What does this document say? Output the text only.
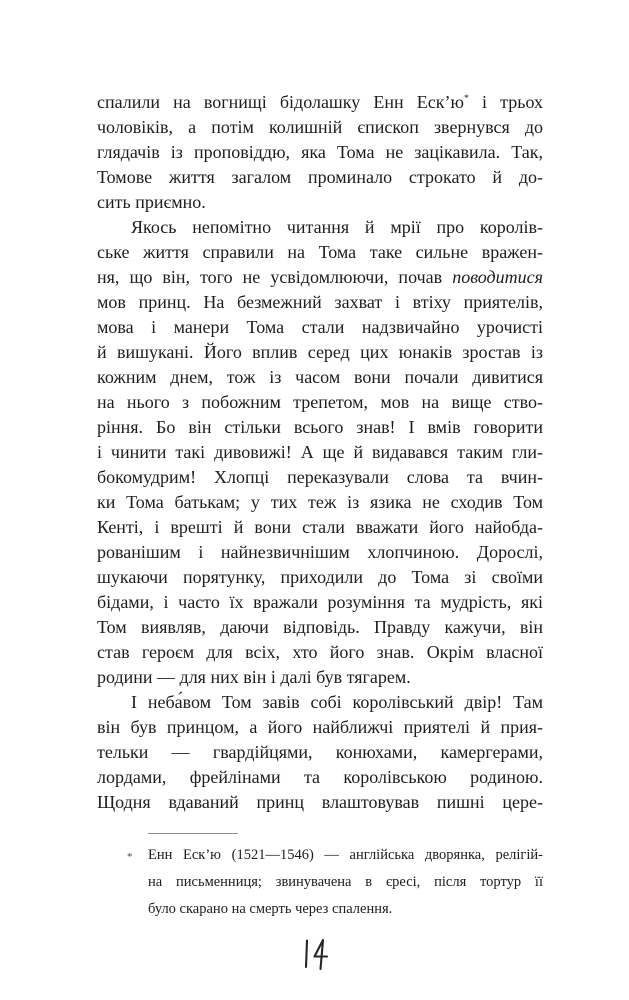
спалили на вогнищі бідолашку Енн Еск’ю* і трьох
чоловіків, а потім колишній єпископ звернувся до
глядачів із проповіддю, яка Тома не зацікавила. Так,
Томове життя загалом проминало строкато й до-
сить приємно.
Якось непомітно читання й мрії про королів-
ське життя справили на Тома таке сильне вражен-
ня, що він, того не усвідомлюючи, почав поводитися
мов принц. На безмежний захват і втіху приятелів,
мова і манери Тома стали надзвичайно урочисті
й вишукані. Його вплив серед цих юнаків зростав із
кожним днем, тож із часом вони почали дивитися
на нього з побожним трепетом, мов на вище ство-
ріння. Бо він стільки всього знав! І вмів говорити
і чинити такі дивовижі! А ще й видавався таким гли-
бокомудрим! Хлопці переказували слова та вчин-
ки Тома батькам; у тих теж із язика не сходив Том
Кенті, і врешті й вони стали вважати його найобда-
рованішим і найнезвичнішим хлопчиною. Дорослі,
шукаючи порятунку, приходили до Тома зі своїми
бідами, і часто їх вражали розуміння та мудрість, які
Том виявляв, даючи відповідь. Правду кажучи, він
став героєм для всіх, хто його знав. Окрім власної
родини — для них він і далі був тягарем.
І неба́вом Том завів собі королівський двір! Там
він був принцом, а його найближчі приятелі й прия-
тельки — гвардійцями, конюхами, камергерами,
лордами, фрейлінами та королівською родиною.
Щодня вдаваний принц влаштовував пишні цере-
* Енн Еск’ю (1521—1546) — англійська дворянка, релігій-
на письменниця; звинувачена в єресі, після тортур її
було скарано на смерть через спалення.
